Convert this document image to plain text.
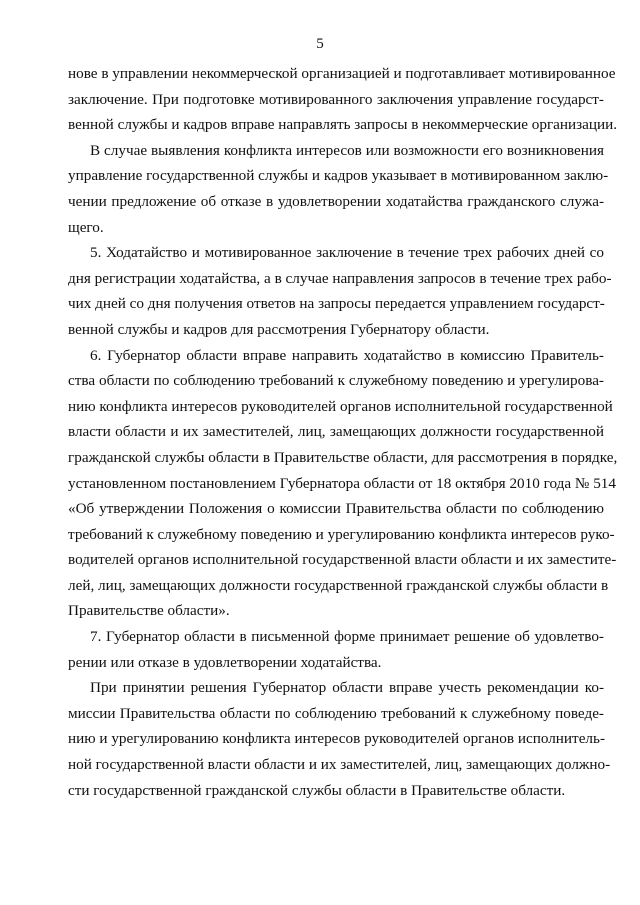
5
нове в управлении некоммерческой организацией и подготавливает мотивированное
заключение. При подготовке мотивированного заключения управление государст-
венной службы и кадров вправе направлять запросы в некоммерческие организации.
В случае выявления конфликта интересов или возможности его возникновения
управление государственной службы и кадров указывает в мотивированном заклю-
чении предложение об отказе в удовлетворении ходатайства гражданского служа-
щего.
5. Ходатайство и мотивированное заключение в течение трех рабочих дней со
дня регистрации ходатайства, а в случае направления запросов в течение трех рабо-
чих дней со дня получения ответов на запросы передается управлением государст-
венной службы и кадров для рассмотрения Губернатору области.
6. Губернатор области вправе направить ходатайство в комиссию Правитель-
ства области по соблюдению требований к служебному поведению и урегулирова-
нию конфликта интересов руководителей органов исполнительной государственной
власти области и их заместителей, лиц, замещающих должности государственной
гражданской службы области в Правительстве области, для рассмотрения в порядке,
установленном постановлением Губернатора области от 18 октября 2010 года № 514
«Об утверждении Положения о комиссии Правительства области по соблюдению
требований к служебному поведению и урегулированию конфликта интересов руко-
водителей органов исполнительной государственной власти области и их заместите-
лей, лиц, замещающих должности государственной гражданской службы области в
Правительстве области».
7. Губернатор области в письменной форме принимает решение об удовлетво-
рении или отказе в удовлетворении ходатайства.
При принятии решения Губернатор области вправе учесть рекомендации ко-
миссии Правительства области по соблюдению требований к служебному поведе-
нию и урегулированию конфликта интересов руководителей органов исполнитель-
ной государственной власти области и их заместителей, лиц, замещающих должно-
сти государственной гражданской службы области в Правительстве области.
